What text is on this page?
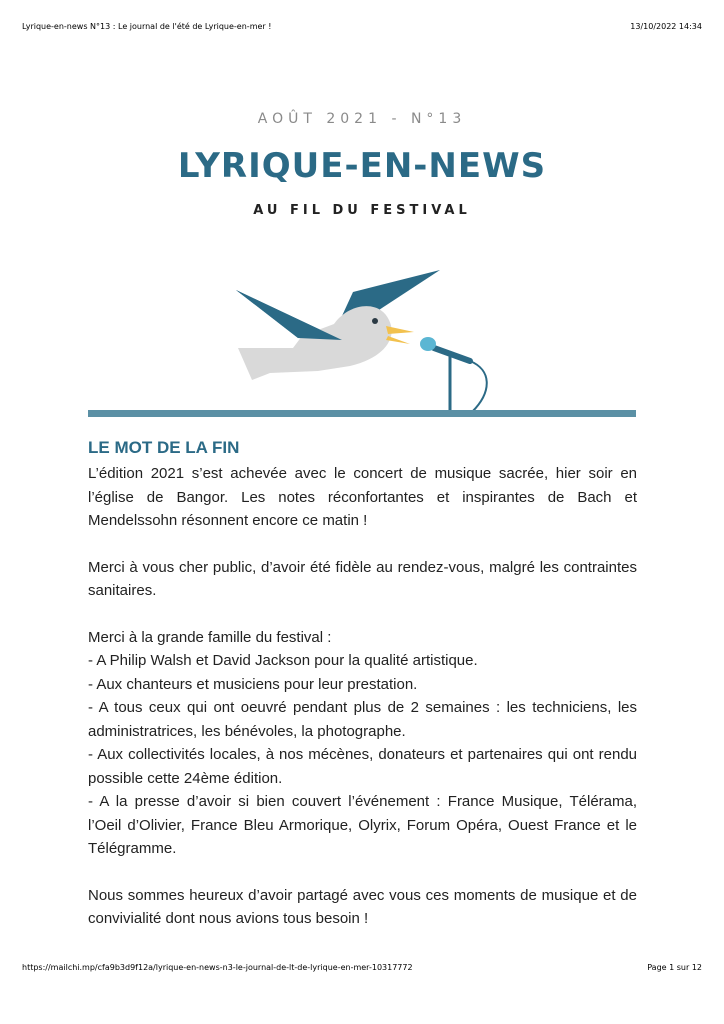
Lyrique-en-news N°13 : Le journal de l'été de Lyrique-en-mer !	13/10/2022 14:34
AOÛT 2021 - N°13
LYRIQUE-EN-NEWS
AU FIL DU FESTIVAL
LE MOT DE LA FIN

L’édition 2021 s’est achevée avec le concert de musique sacrée, hier soir en l’église de Bangor. Les notes réconfortantes et inspirantes de Bach et Mendelssohn résonnent encore ce matin !

Merci à vous cher public, d’avoir été fidèle au rendez-vous, malgré les contraintes sanitaires.

Merci à la grande famille du festival :
- A Philip Walsh et David Jackson pour la qualité artistique.
- Aux chanteurs et musiciens pour leur prestation.
- A tous ceux qui ont oeuvré pendant plus de 2 semaines : les techniciens, les administratrices, les bénévoles, la photographe.
- Aux collectivités locales, à nos mécènes, donateurs et partenaires qui ont rendu possible cette 24ème édition.
- A la presse d’avoir si bien couvert l’événement : France Musique, Télérama, l’Oeil d’Olivier, France Bleu Armorique, Olyrix, Forum Opéra, Ouest France et le Télégramme.

Nous sommes heureux d’avoir partagé avec vous ces moments de musique et de convivialité dont nous avions tous besoin !

https://mailchi.mp/cfa9b3d9f12a/lyrique-en-news-n3-le-journal-de-lt-de-lyrique-en-mer-10317772	Page 1 sur 12
